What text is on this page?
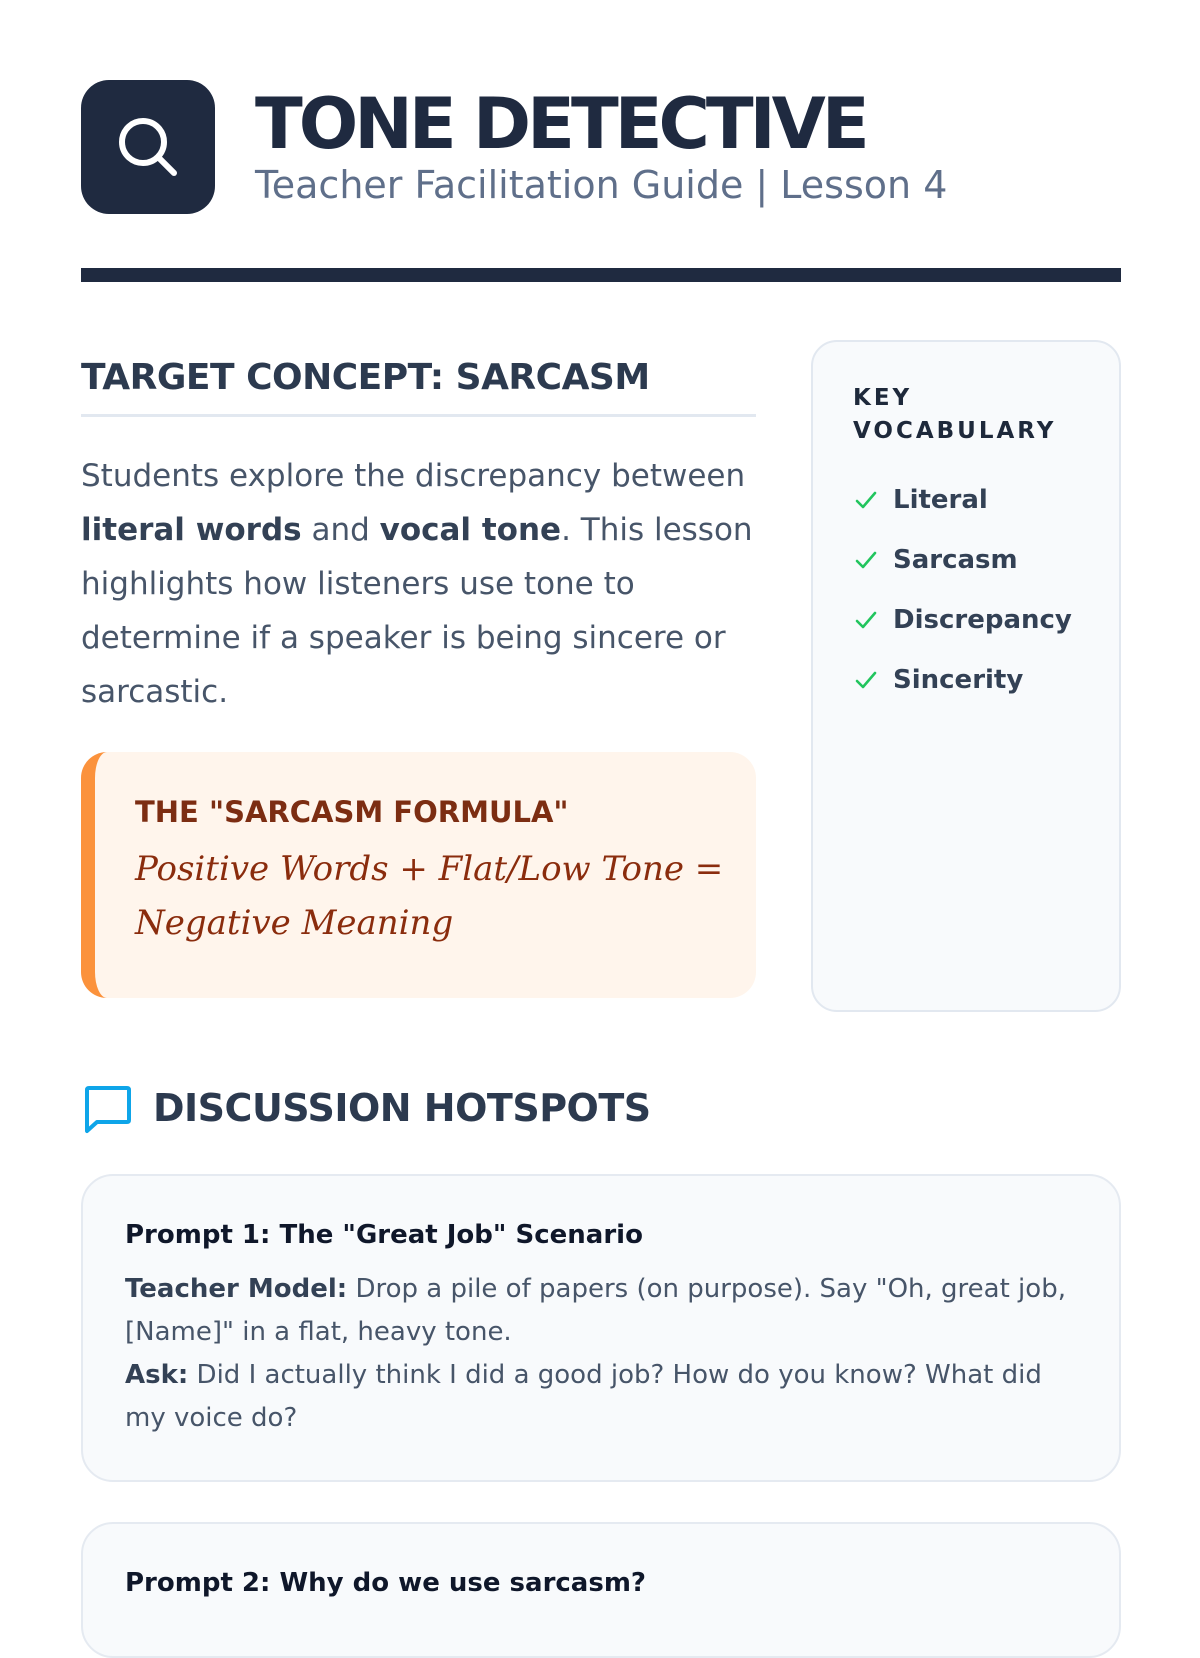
TONE DETECTIVE
Teacher Facilitation Guide | Lesson 4
TARGET CONCEPT: SARCASM

Students explore the discrepancy between literal words and vocal tone. This lesson highlights how listeners use tone to determine if a speaker is being sincere or sarcastic.

THE "SARCASM FORMULA"
Positive Words + Flat/Low Tone = Negative Meaning
KEY VOCABULARY
Literal
Sarcasm
Discrepancy
Sincerity
DISCUSSION HOTSPOTS
Prompt 1: The "Great Job" Scenario

Teacher Model: Drop a pile of papers (on purpose). Say "Oh, great job, [Name]" in a flat, heavy tone.

Ask: Did I actually think I did a good job? How do you know? What did my voice do?

Prompt 2: Why do we use sarcasm?
